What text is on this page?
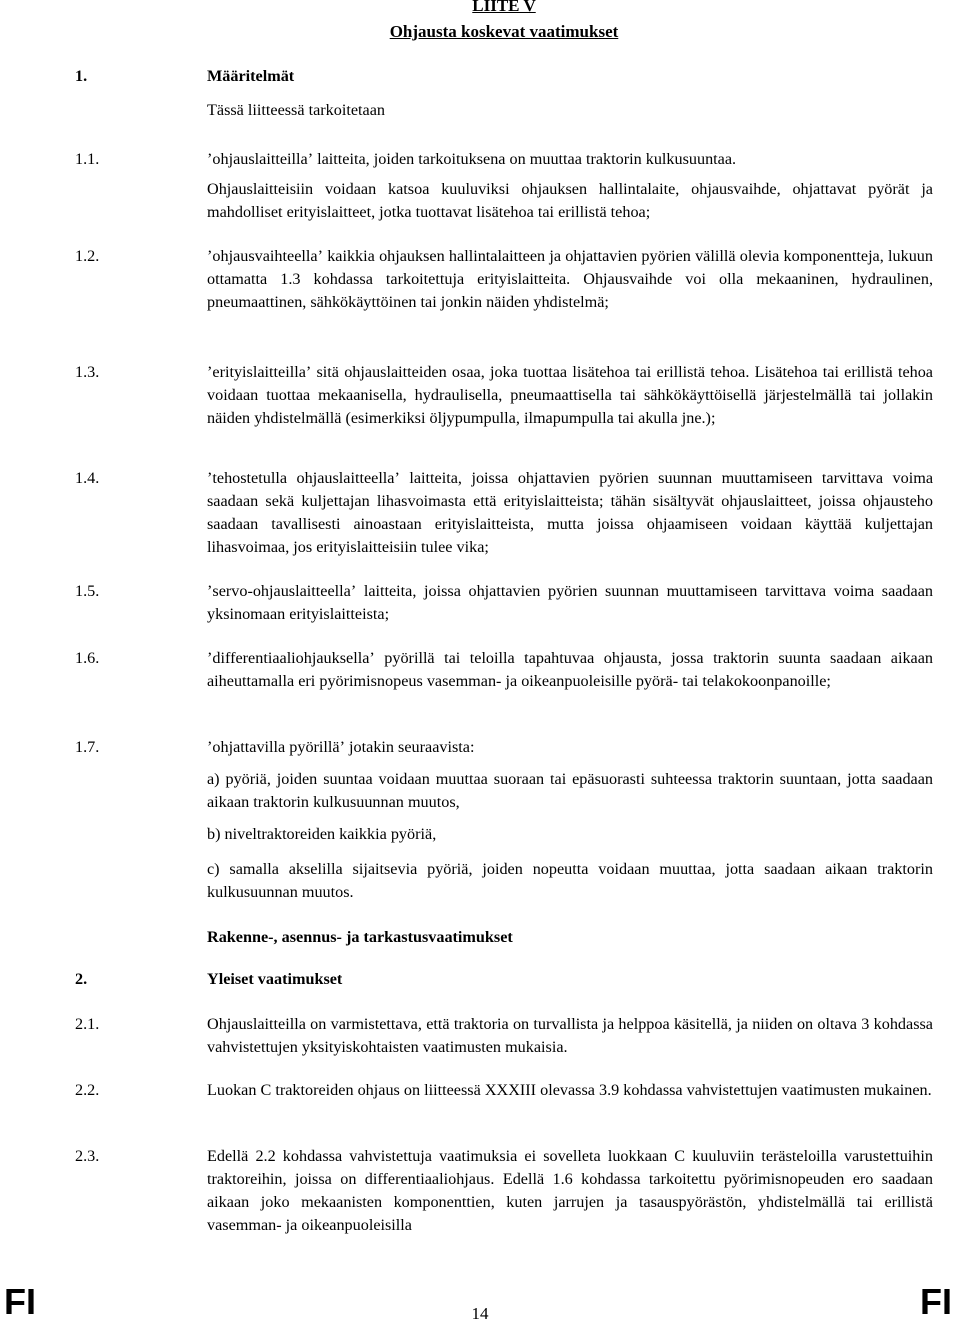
LIITE V
Ohjausta koskevat vaatimukset
1.	Määritelmät
Tässä liitteessä tarkoitetaan
1.1.	ʼohjauslaitteillaʼ laitteita, joiden tarkoituksena on muuttaa traktorin kulkusuuntaa.
Ohjauslaitteisiin voidaan katsoa kuuluviksi ohjauksen hallintalaite, ohjausvaihde, ohjattavat pyörät ja mahdolliset erityislaitteet, jotka tuottavat lisätehoa tai erillistä tehoa;
1.2.	ʼohjausvaihteellaʼ kaikkia ohjauksen hallintalaitteen ja ohjattavien pyörien välillä olevia komponentteja, lukuun ottamatta 1.3 kohdassa tarkoitettuja erityislaitteita. Ohjausvaihde voi olla mekaaninen, hydraulinen, pneumaattinen, sähkökäyttöinen tai jonkin näiden yhdistelmä;
1.3.	ʼerityislaitteillaʼ sitä ohjauslaitteiden osaa, joka tuottaa lisätehoa tai erillistä tehoa. Lisätehoa tai erillistä tehoa voidaan tuottaa mekaanisella, hydraulisella, pneumaattisella tai sähkökäyttöisellä järjestelmällä tai jollakin näiden yhdistelmällä (esimerkiksi öljypumpulla, ilmapumpulla tai akulla jne.);
1.4.	ʼtehostetulla ohjauslaitteellaʼ laitteita, joissa ohjattavien pyörien suunnan muuttamiseen tarvittava voima saadaan sekä kuljettajan lihasvoimasta että erityislaitteista; tähän sisältyvät ohjauslaitteet, joissa ohjausteho saadaan tavallisesti ainoastaan erityislaitteista, mutta joissa ohjaamiseen voidaan käyttää kuljettajan lihasvoimaa, jos erityislaitteisiin tulee vika;
1.5.	ʼservo-ohjauslaitteellaʼ laitteita, joissa ohjattavien pyörien suunnan muuttamiseen tarvittava voima saadaan yksinomaan erityislaitteista;
1.6.	ʼdifferentiaaliohjauksellaʼ pyörillä tai teloilla tapahtuvaa ohjausta, jossa traktorin suunta saadaan aikaan aiheuttamalla eri pyörimisnopeus vasemman- ja oikeanpuoleisille pyörä- tai telakokoonpanoille;
1.7.	ʼohjattavilla pyörilläʼ jotakin seuraavista:
a) pyöriä, joiden suuntaa voidaan muuttaa suoraan tai epäsuorasti suhteessa traktorin suuntaan, jotta saadaan aikaan traktorin kulkusuunnan muutos,
b) niveltraktoreiden kaikkia pyöriä,
c) samalla akselilla sijaitsevia pyöriä, joiden nopeutta voidaan muuttaa, jotta saadaan aikaan traktorin kulkusuunnan muutos.
Rakenne-, asennus- ja tarkastusvaatimukset
2.	Yleiset vaatimukset
2.1.	Ohjauslaitteilla on varmistettava, että traktoria on turvallista ja helppoa käsitellä, ja niiden on oltava 3 kohdassa vahvistettujen yksityiskohtaisten vaatimusten mukaisia.
2.2.	Luokan C traktoreiden ohjaus on liitteessä XXXIII olevassa 3.9 kohdassa vahvistettujen vaatimusten mukainen.
2.3.	Edellä 2.2 kohdassa vahvistettuja vaatimuksia ei sovelleta luokkaan C kuuluviin terästeloilla varustettuihin traktoreihin, joissa on differentiaaliohjaus. Edellä 1.6 kohdassa tarkoitettu pyörimisnopeuden ero saadaan aikaan joko mekaanisten komponenttien, kuten jarrujen ja tasauspyörästön, yhdistelmällä tai erillistä vasemman- ja oikeanpuoleisilla
FI	14	FI
